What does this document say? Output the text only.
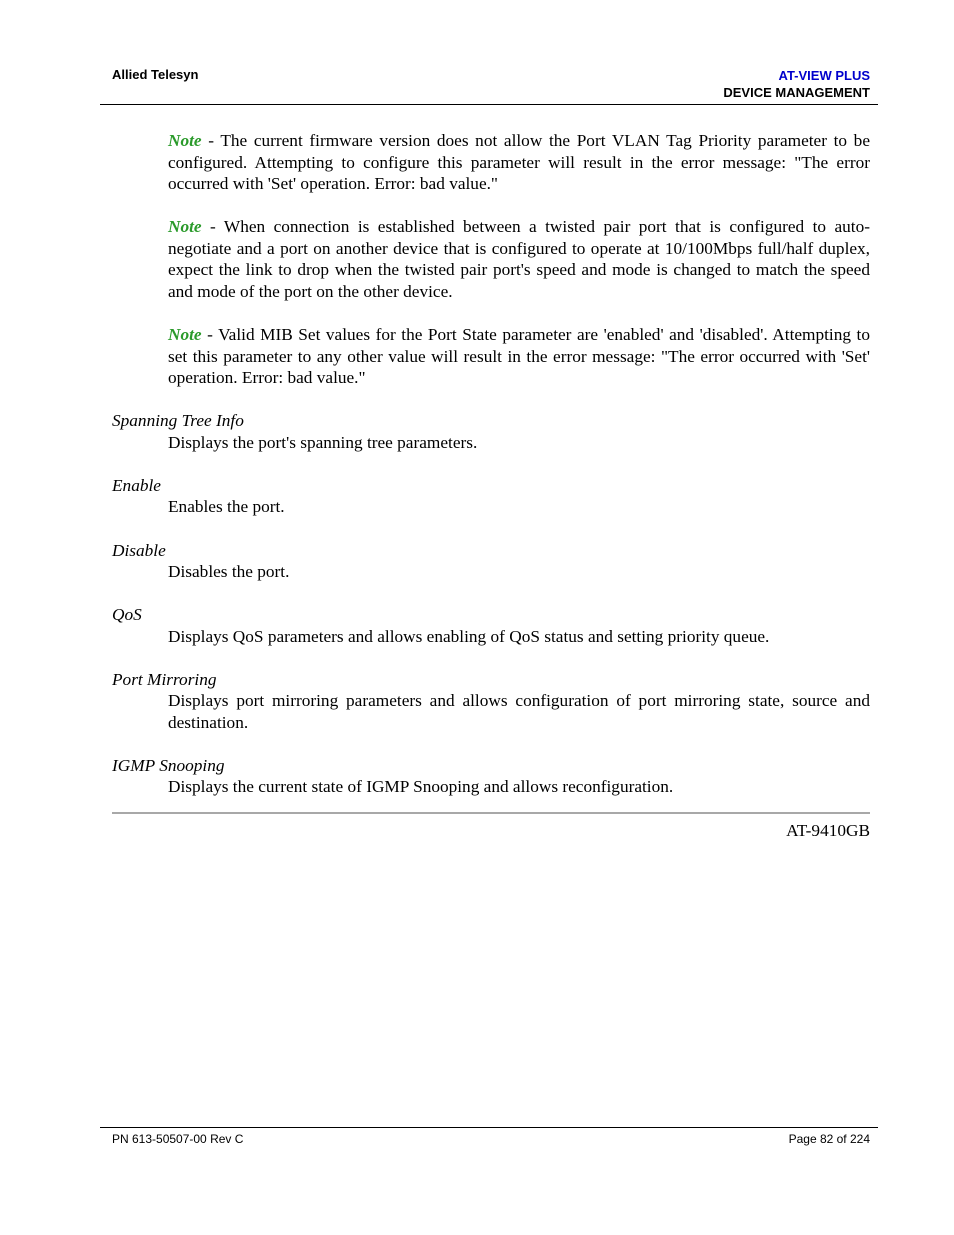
Allied Telesyn	AT-VIEW PLUS
DEVICE MANAGEMENT
Note - The current firmware version does not allow the Port VLAN Tag Priority parameter to be configured. Attempting to configure this parameter will result in the error message: "The error occurred with 'Set' operation. Error: bad value."
Note - When connection is established between a twisted pair port that is configured to auto-negotiate and a port on another device that is configured to operate at 10/100Mbps full/half duplex, expect the link to drop when the twisted pair port's speed and mode is changed to match the speed and mode of the port on the other device.
Note - Valid MIB Set values for the Port State parameter are 'enabled' and 'disabled'. Attempting to set this parameter to any other value will result in the error message: "The error occurred with 'Set' operation. Error: bad value."
Spanning Tree Info
Displays the port's spanning tree parameters.
Enable
Enables the port.
Disable
Disables the port.
QoS
Displays QoS parameters and allows enabling of QoS status and setting priority queue.
Port Mirroring
Displays port mirroring parameters and allows configuration of port mirroring state, source and destination.
IGMP Snooping
Displays the current state of IGMP Snooping and allows reconfiguration.
AT-9410GB
PN 613-50507-00 Rev C	Page 82 of 224
